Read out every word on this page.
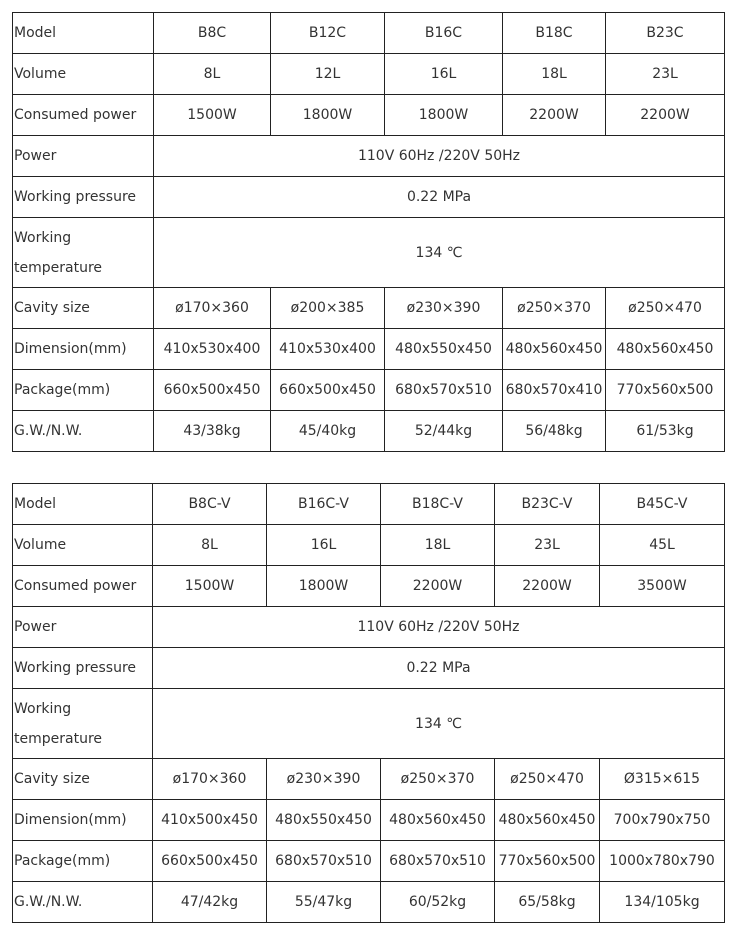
Model	B8C	B12C	B16C	B18C	B23C
Volume	8L	12L	16L	18L	23L
Consumed power	1500W	1800W	1800W	2200W	2200W
Power	110V 60Hz /220V 50Hz				
Working pressure	0.22 MPa				
Working temperature	134 ℃				
Cavity size	ø170×360	ø200×385	ø230×390	ø250×370	ø250×470
Dimension(mm)	410x530x400	410x530x400	480x550x450	480x560x450	480x560x450
Package(mm)	660x500x450	660x500x450	680x570x510	680x570x410	770x560x500
G.W./N.W.	43/38kg	45/40kg	52/44kg	56/48kg	61/53kg
Model	B8C-V	B16C-V	B18C-V	B23C-V	B45C-V
Volume	8L	16L	18L	23L	45L
Consumed power	1500W	1800W	2200W	2200W	3500W
Power	110V 60Hz /220V 50Hz				
Working pressure	0.22 MPa				
Working temperature	134 ℃				
Cavity size	ø170×360	ø230×390	ø250×370	ø250×470	Ø315×615
Dimension(mm)	410x500x450	480x550x450	480x560x450	480x560x450	700x790x750
Package(mm)	660x500x450	680x570x510	680x570x510	770x560x500	1000x780x790
G.W./N.W.	47/42kg	55/47kg	60/52kg	65/58kg	134/105kg
